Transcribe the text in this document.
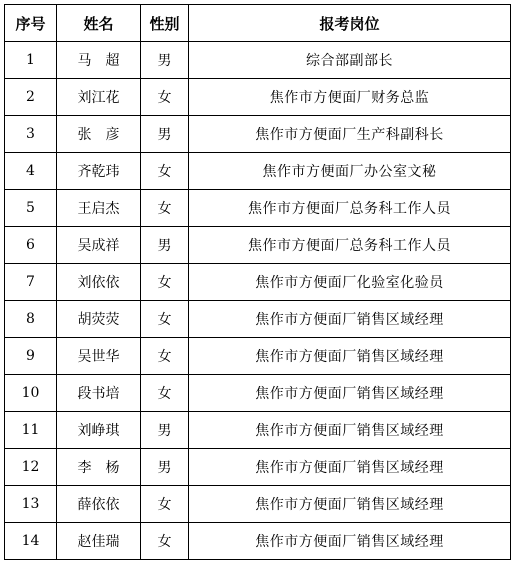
序号	姓名	性别	报考岗位
1	马　超	男	综合部副部长
2	刘江花	女	焦作市方便面厂财务总监
3	张　彦	男	焦作市方便面厂生产科副科长
4	齐乾玮	女	焦作市方便面厂办公室文秘
5	王启杰	女	焦作市方便面厂总务科工作人员
6	吴成祥	男	焦作市方便面厂总务科工作人员
7	刘依依	女	焦作市方便面厂化验室化验员
8	胡荧荧	女	焦作市方便面厂销售区域经理
9	吴世华	女	焦作市方便面厂销售区域经理
10	段书培	女	焦作市方便面厂销售区域经理
11	刘峥琪	男	焦作市方便面厂销售区域经理
12	李　杨	男	焦作市方便面厂销售区域经理
13	薛依依	女	焦作市方便面厂销售区域经理
14	赵佳瑞	女	焦作市方便面厂销售区域经理
